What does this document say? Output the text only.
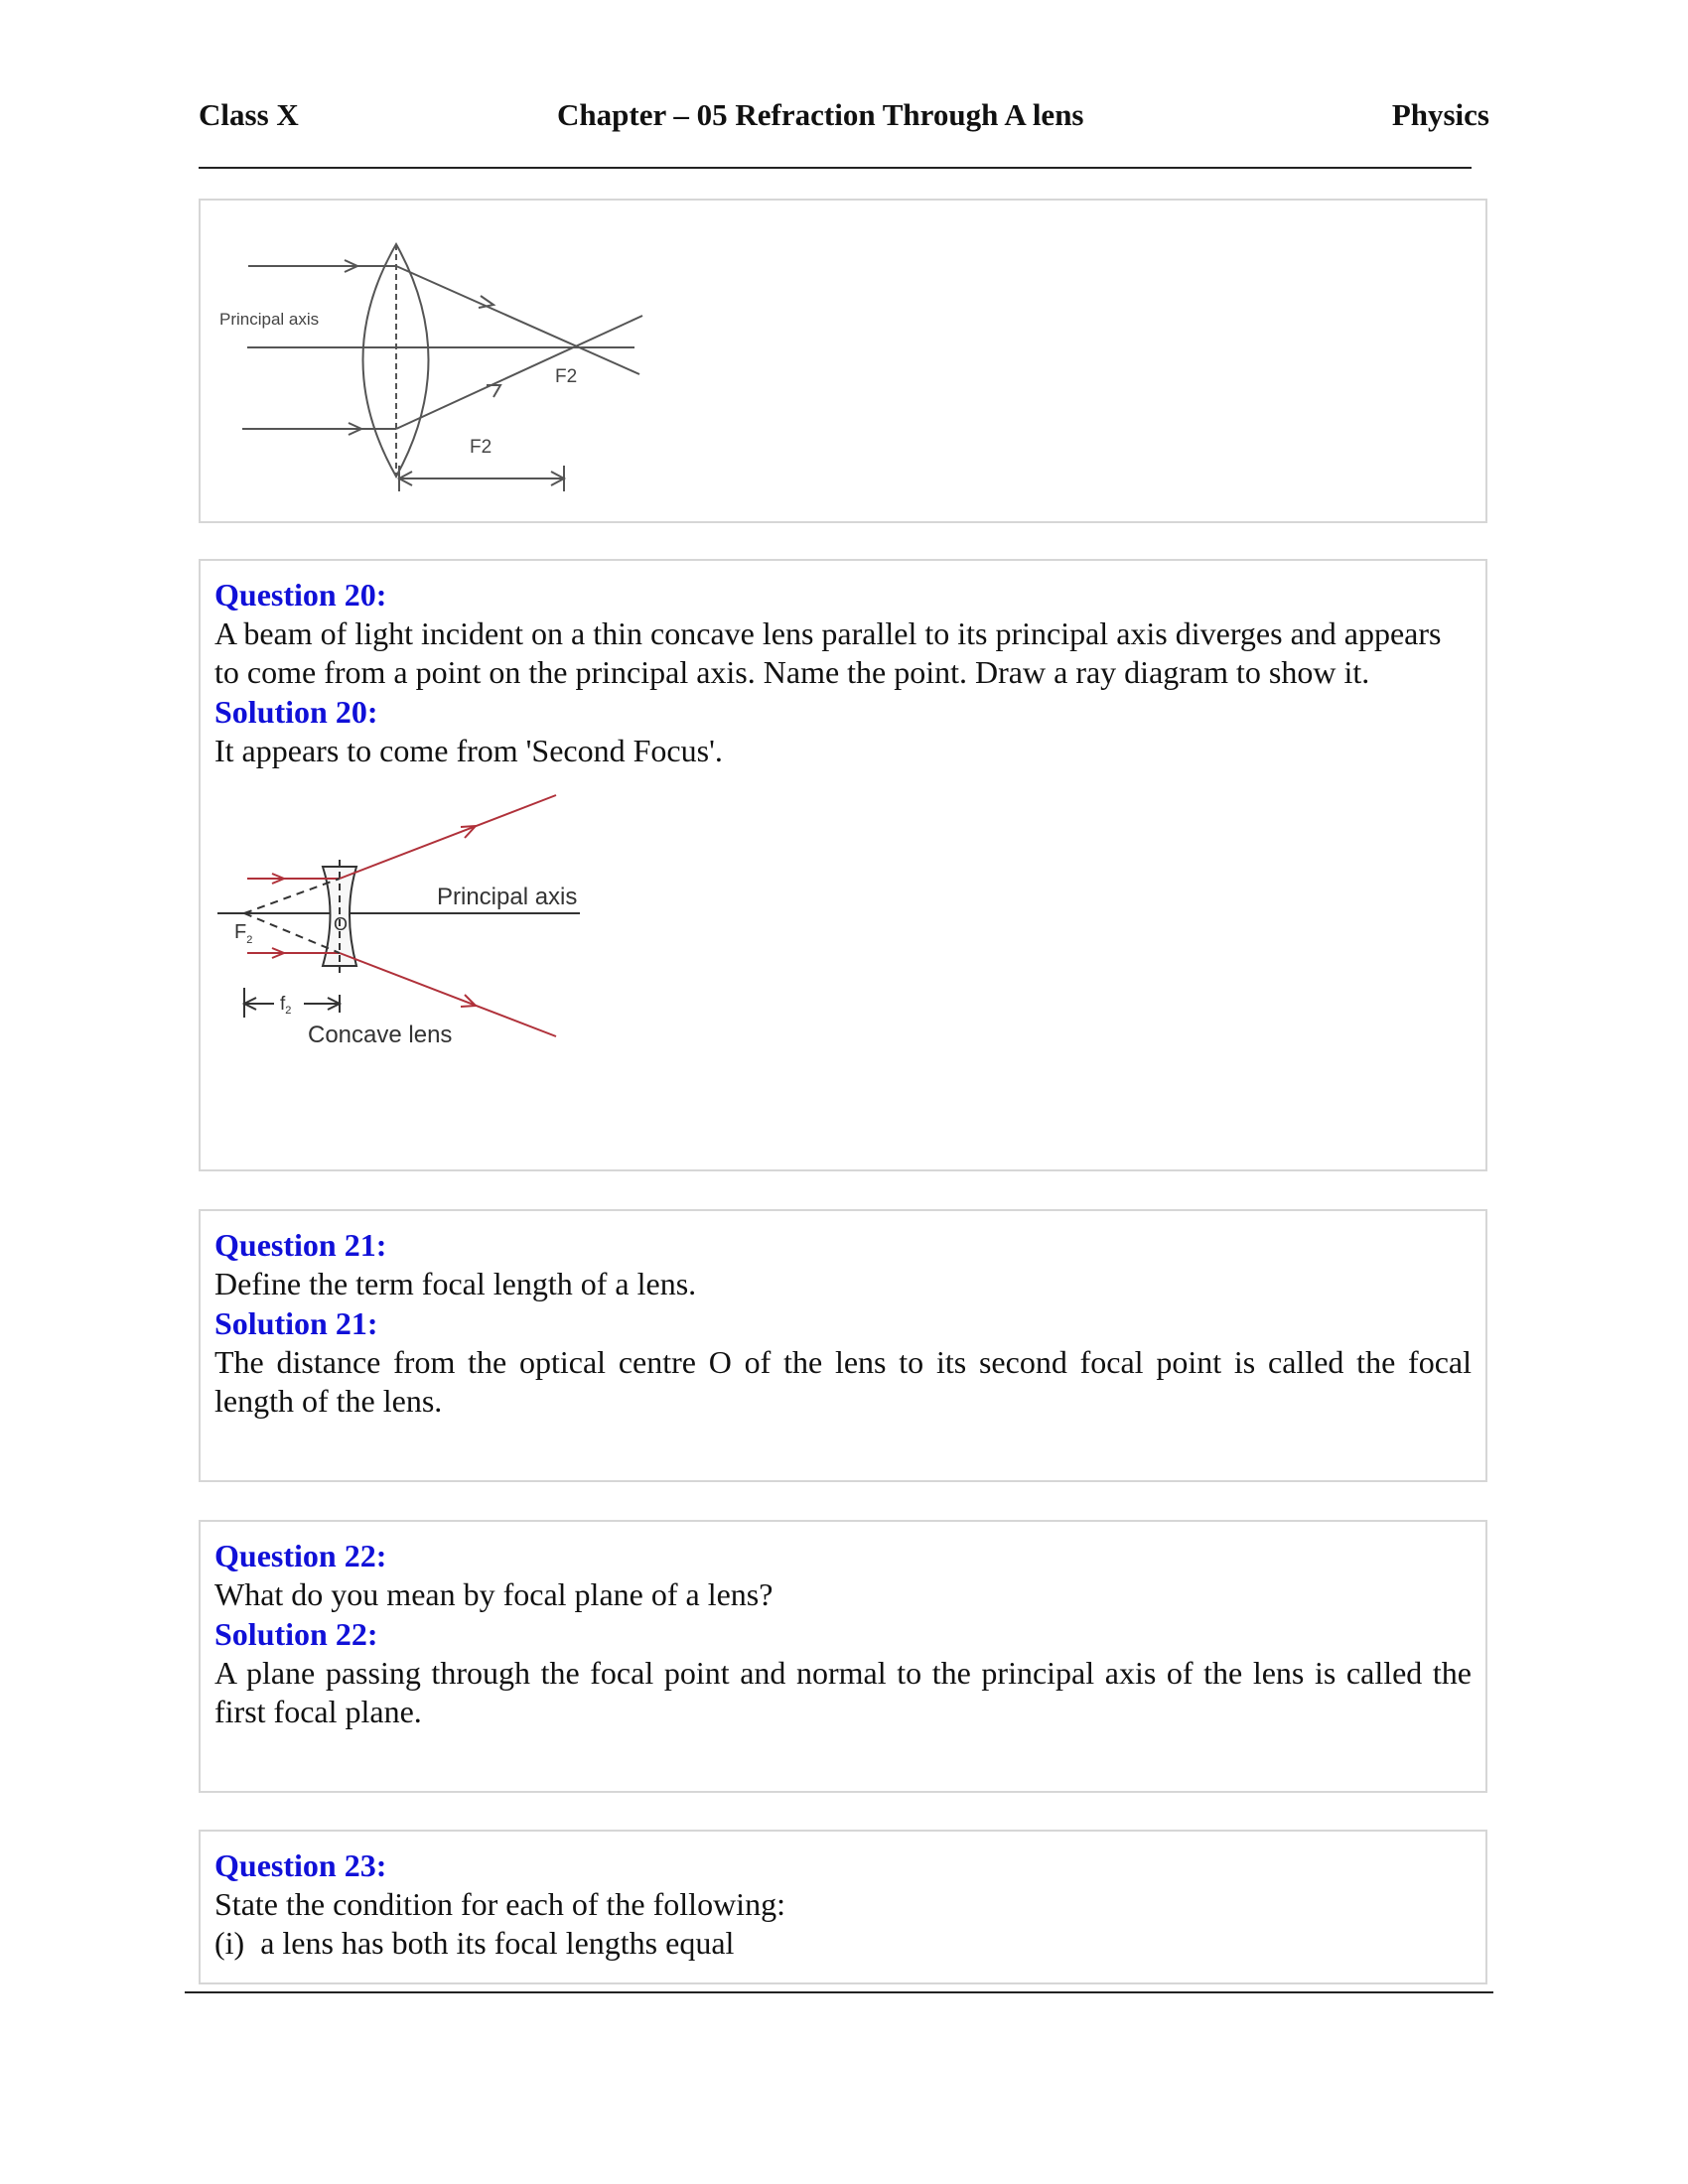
Class X	Chapter – 05 Refraction Through A lens	Physics
Principal axis
F2
F2
Question 20:
A beam of light incident on a thin concave lens parallel to its principal axis diverges and appears to come from a point on the principal axis. Name the point. Draw a ray diagram to show it.
Solution 20:
It appears to come from 'Second Focus'.
O
Principal axis
$F_2$
$f_2$
Concave lens
Question 21:
Define the term focal length of a lens.
Solution 21:
The distance from the optical centre O of the lens to its second focal point is called the focal length of the lens.
Question 22:
What do you mean by focal plane of a lens?
Solution 22:
A plane passing through the focal point and normal to the principal axis of the lens is called the first focal plane.
Question 23:
State the condition for each of the following:
(i)  a lens has both its focal lengths equal
